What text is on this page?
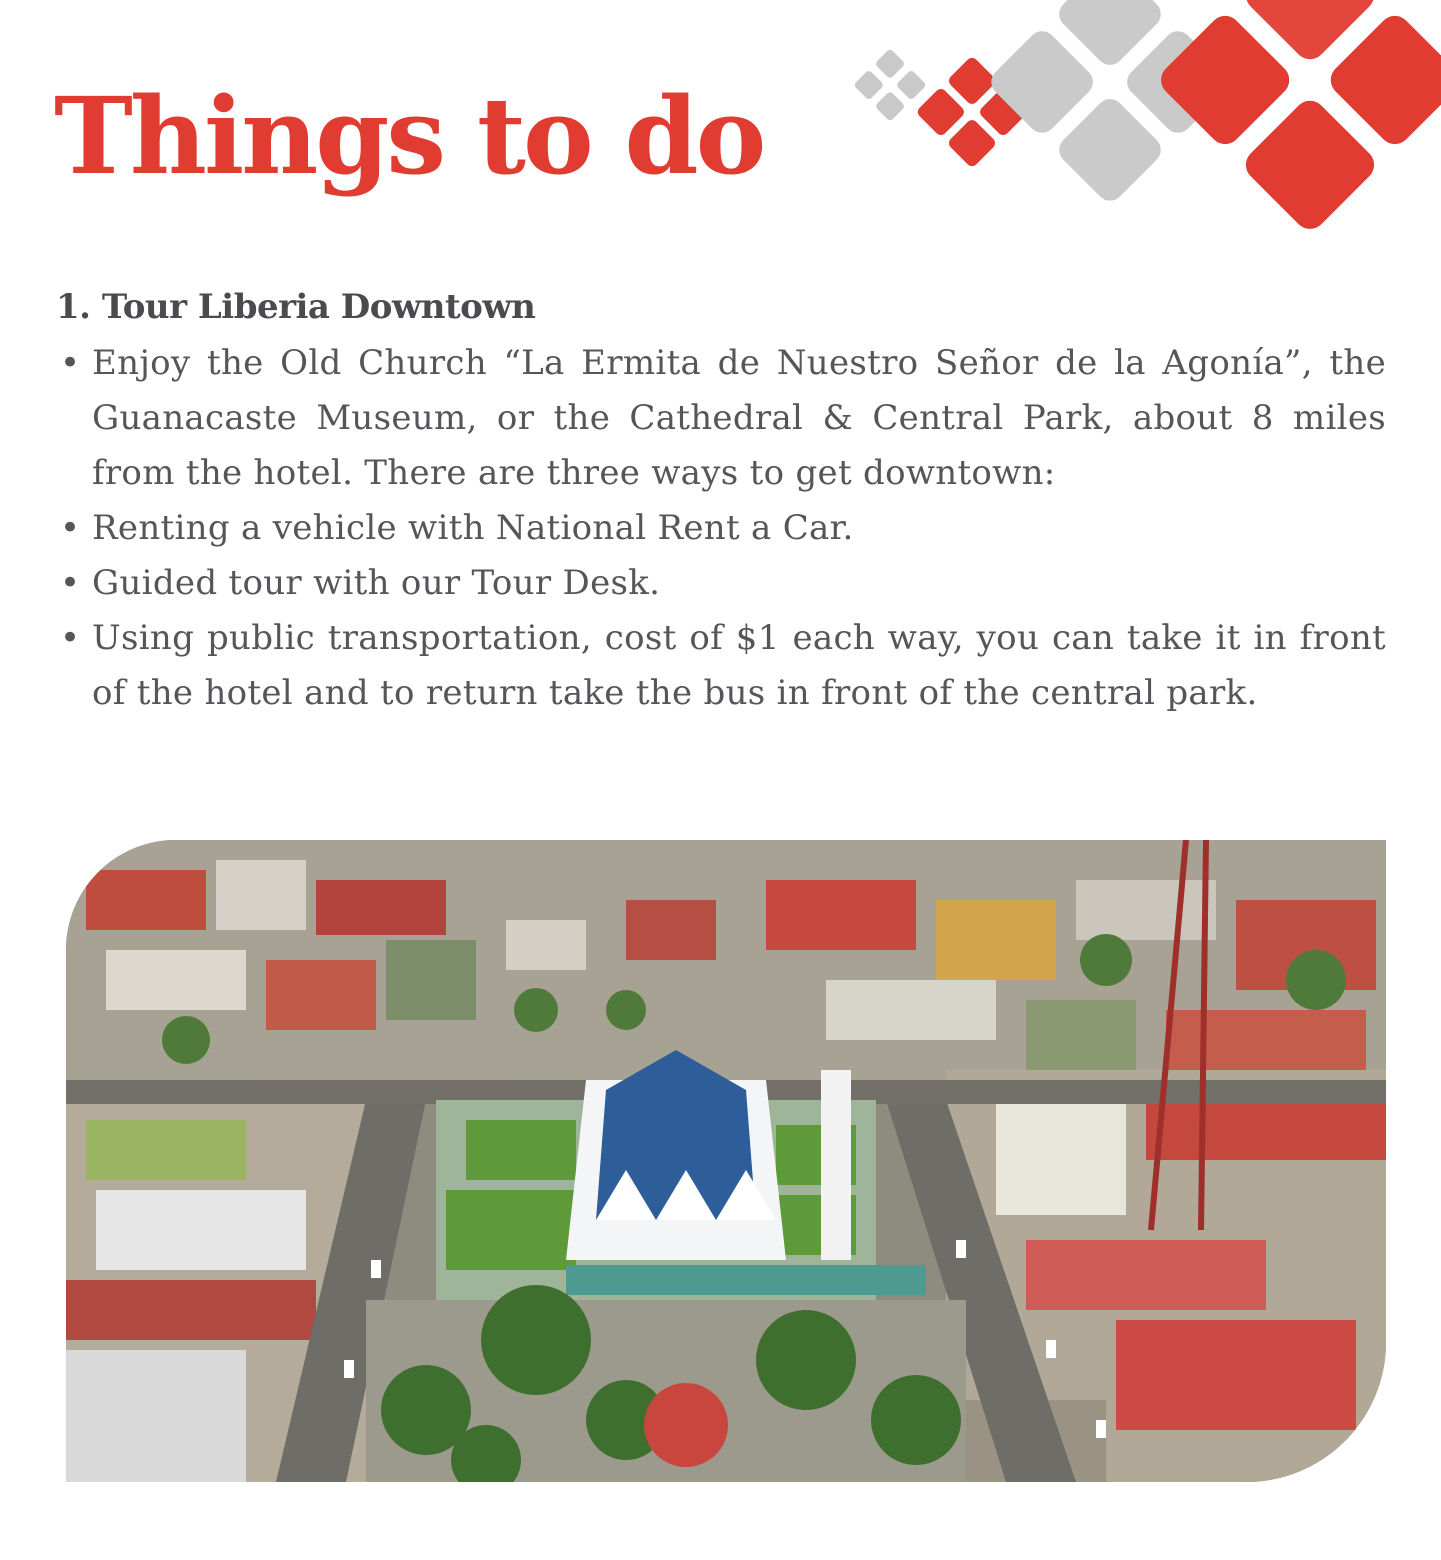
Things to do
1. Tour Liberia Downtown
• Enjoy the Old Church “La Ermita de Nuestro Señor de la Agonía”, the Guanacaste Museum, or the Cathedral & Central Park, about 8 miles from the hotel. There are three ways to get downtown:
• Renting a vehicle with National Rent a Car.
• Guided tour with our Tour Desk.
• Using public transportation, cost of $1 each way, you can take it in front of the hotel and to return take the bus in front of the central park.
